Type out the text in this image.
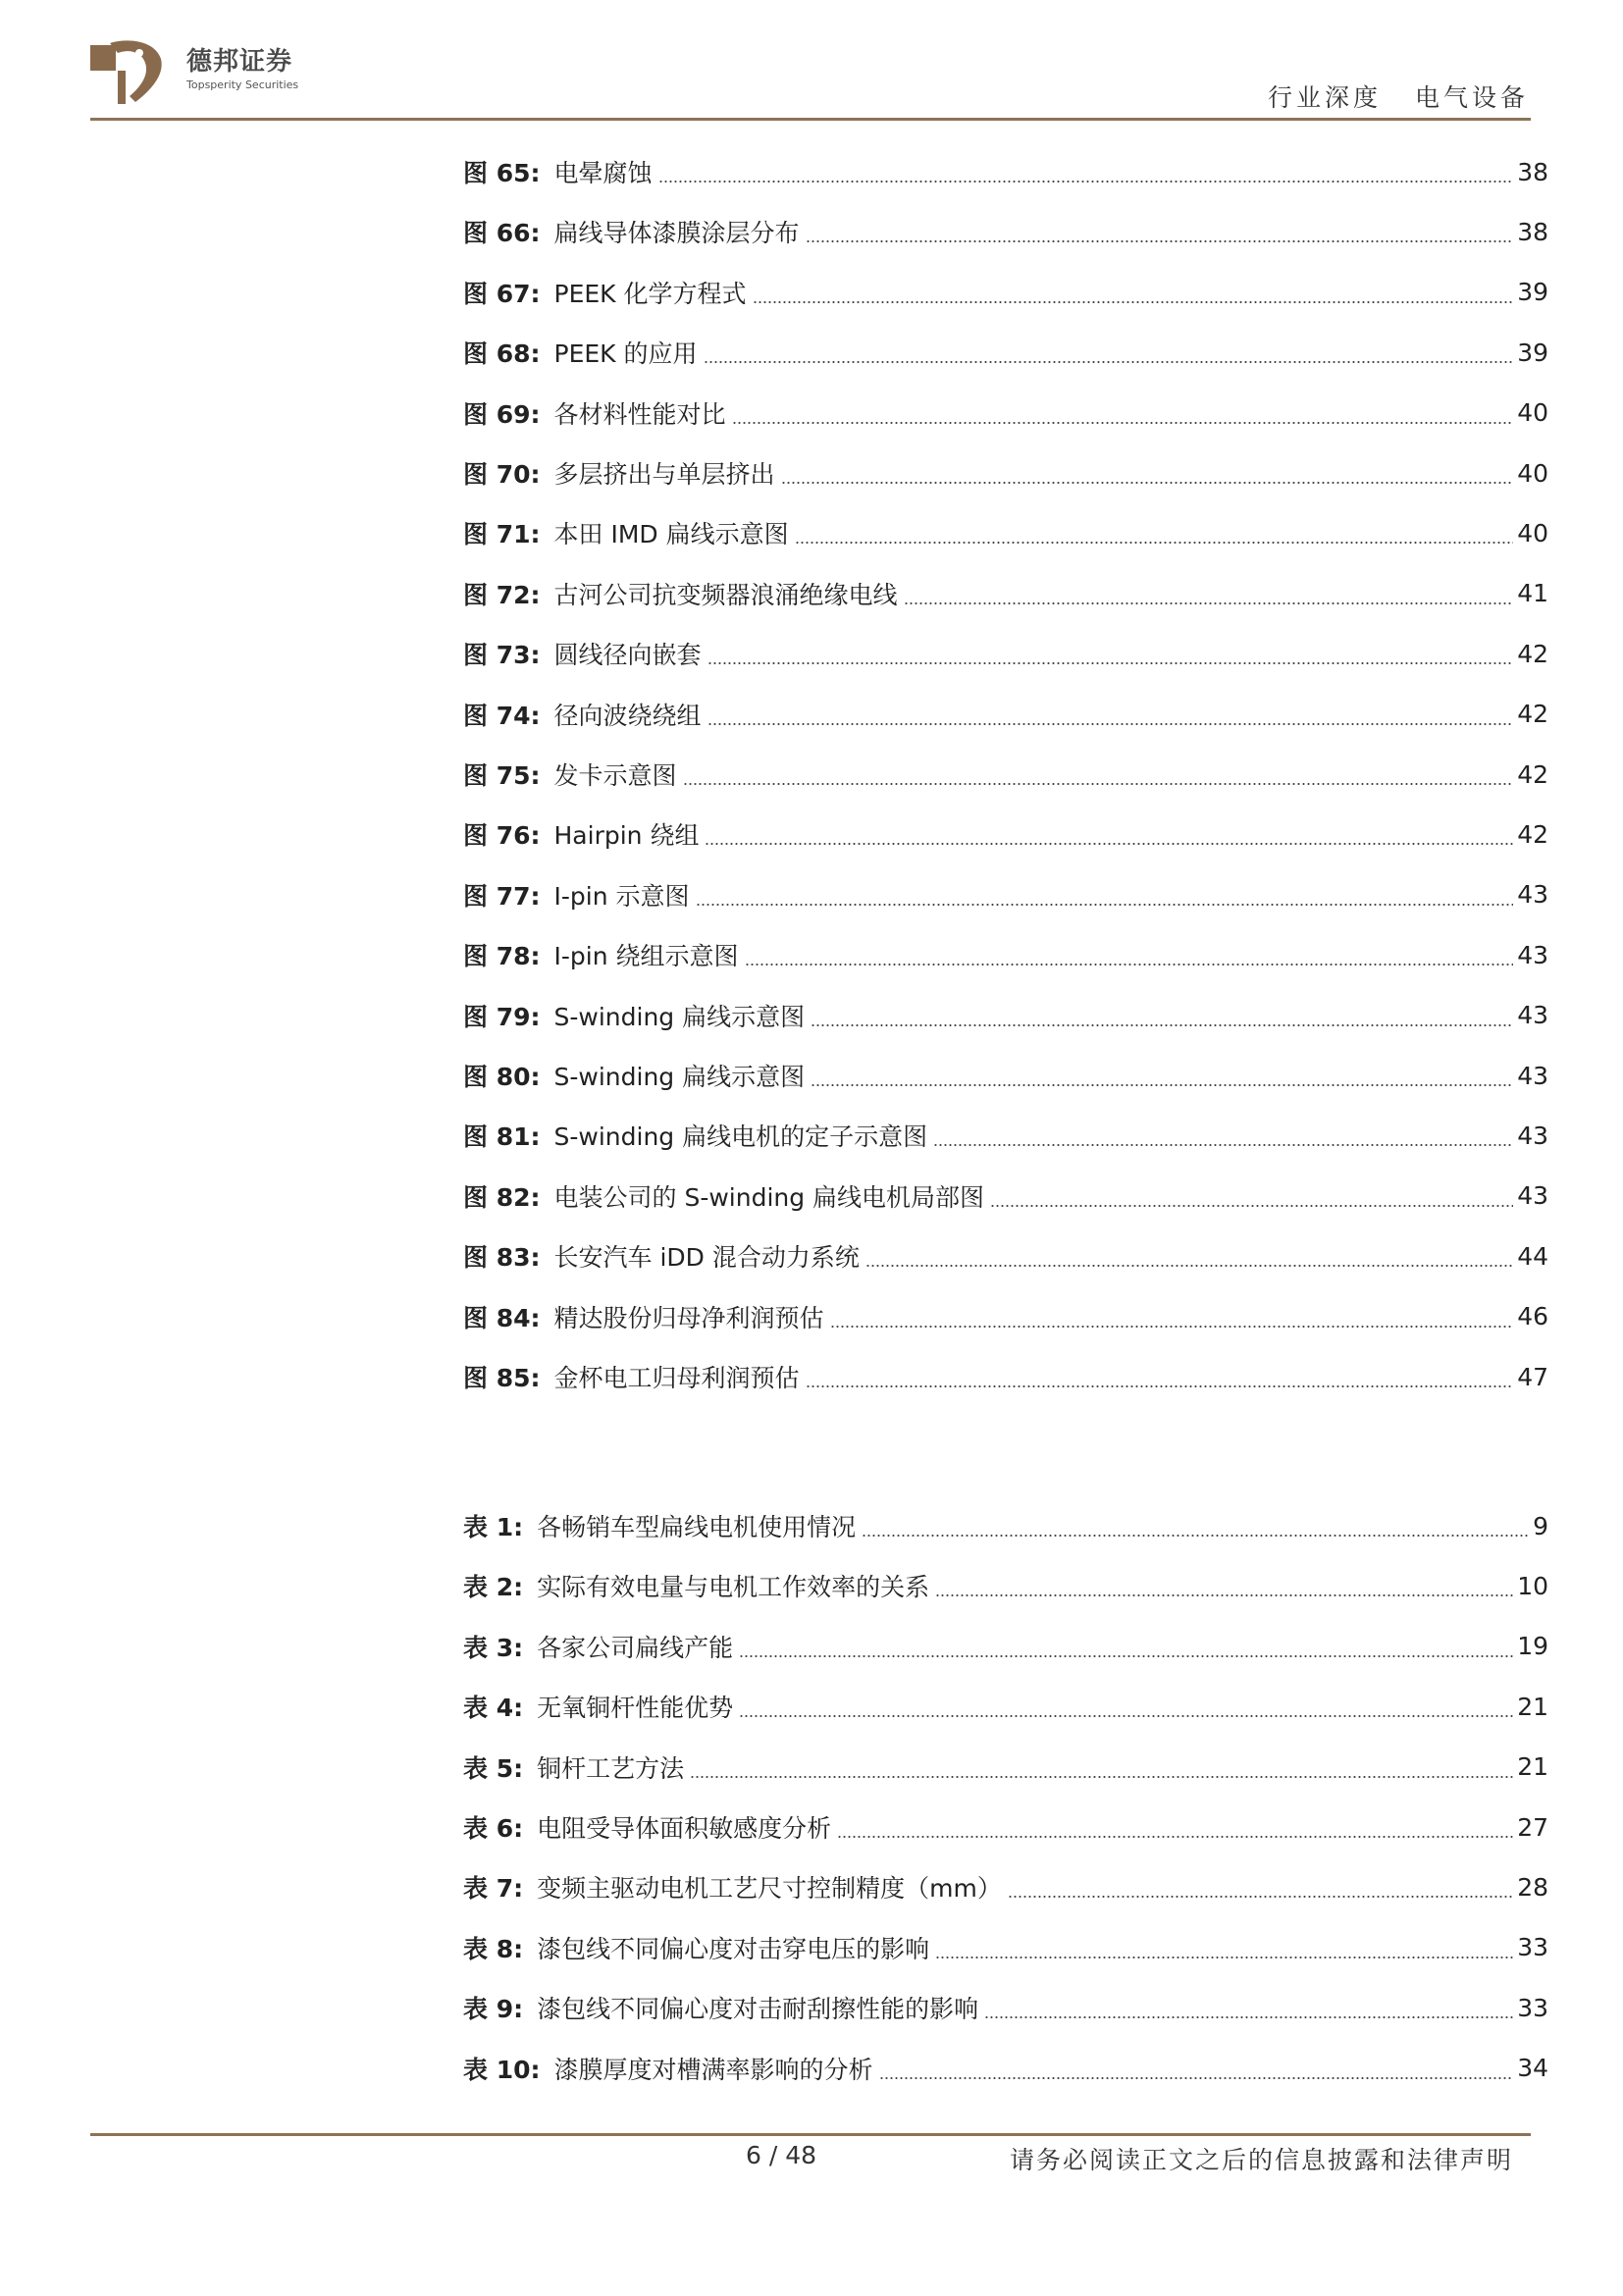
德邦证券
Topsperity Securities	行业深度 电气设备
图 65: 电晕腐蚀	38
图 66: 扁线导体漆膜涂层分布	38
图 67: PEEK 化学方程式	39
图 68: PEEK 的应用	39
图 69: 各材料性能对比	40
图 70: 多层挤出与单层挤出	40
图 71: 本田 IMD 扁线示意图	40
图 72: 古河公司抗变频器浪涌绝缘电线	41
图 73: 圆线径向嵌套	42
图 74: 径向波绕绕组	42
图 75: 发卡示意图	42
图 76: Hairpin 绕组	42
图 77: I-pin 示意图	43
图 78: I-pin 绕组示意图	43
图 79: S-winding 扁线示意图	43
图 80: S-winding 扁线示意图	43
图 81: S-winding 扁线电机的定子示意图	43
图 82: 电装公司的 S-winding 扁线电机局部图	43
图 83: 长安汽车 iDD 混合动力系统	44
图 84: 精达股份归母净利润预估	46
图 85: 金杯电工归母利润预估	47
表 1: 各畅销车型扁线电机使用情况	9
表 2: 实际有效电量与电机工作效率的关系	10
表 3: 各家公司扁线产能	19
表 4: 无氧铜杆性能优势	21
表 5: 铜杆工艺方法	21
表 6: 电阻受导体面积敏感度分析	27
表 7: 变频主驱动电机工艺尺寸控制精度（mm）	28
表 8: 漆包线不同偏心度对击穿电压的影响	33
表 9: 漆包线不同偏心度对击耐刮擦性能的影响	33
表 10: 漆膜厚度对槽满率影响的分析	34
6 / 48	请务必阅读正文之后的信息披露和法律声明
